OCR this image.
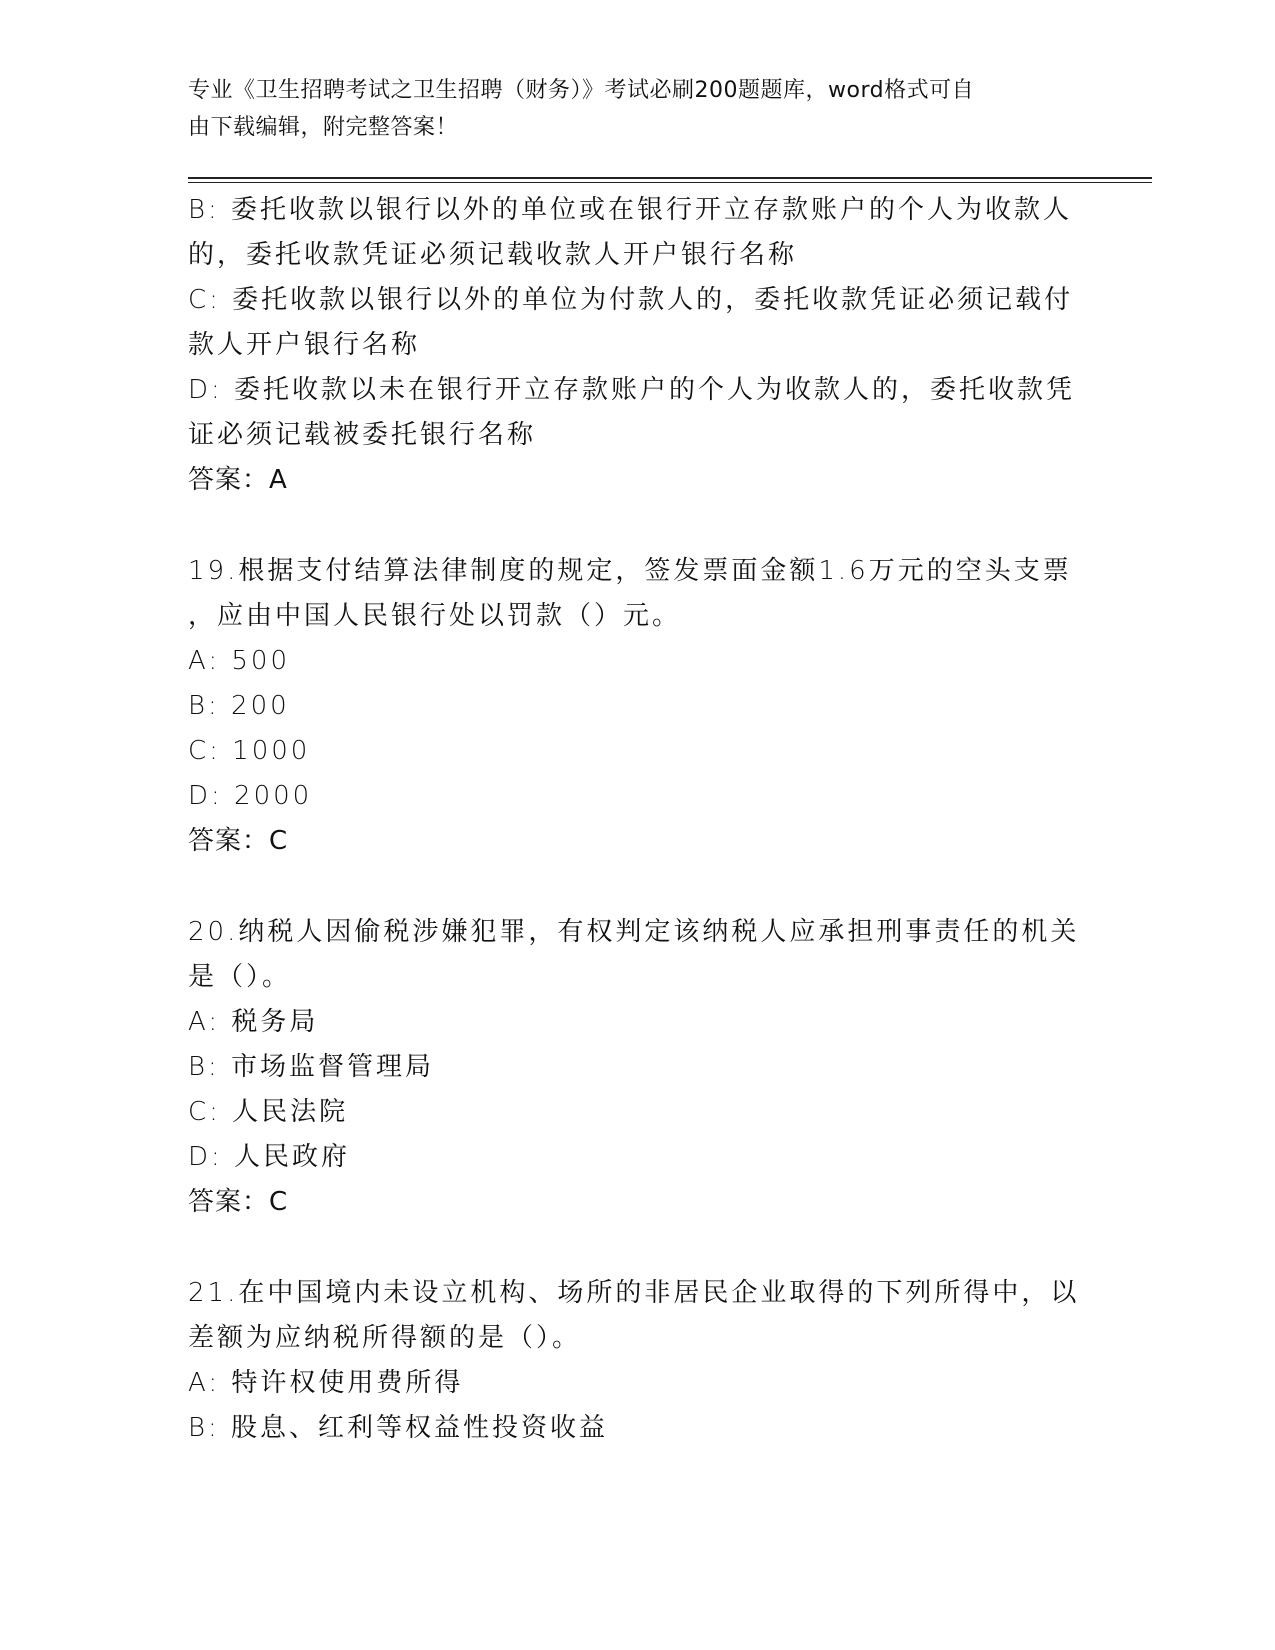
专业《卫生招聘考试之卫生招聘（财务）》考试必刷200题题库，word格式可自
由下载编辑，附完整答案！
B: 委托收款以银行以外的单位或在银行开立存款账户的个人为收款人
的，委托收款凭证必须记载收款人开户银行名称
C: 委托收款以银行以外的单位为付款人的，委托收款凭证必须记载付
款人开户银行名称
D: 委托收款以未在银行开立存款账户的个人为收款人的，委托收款凭
证必须记载被委托银行名称
答案：A
19.根据支付结算法律制度的规定，签发票面金额1.6万元的空头支票
，应由中国人民银行处以罚款（）元。
A: 500
B: 200
C: 1000
D: 2000
答案：C
20.纳税人因偷税涉嫌犯罪，有权判定该纳税人应承担刑事责任的机关
是（）。
A: 税务局
B: 市场监督管理局
C: 人民法院
D: 人民政府
答案：C
21.在中国境内未设立机构、场所的非居民企业取得的下列所得中，以
差额为应纳税所得额的是（）。
A: 特许权使用费所得
B: 股息、红利等权益性投资收益
